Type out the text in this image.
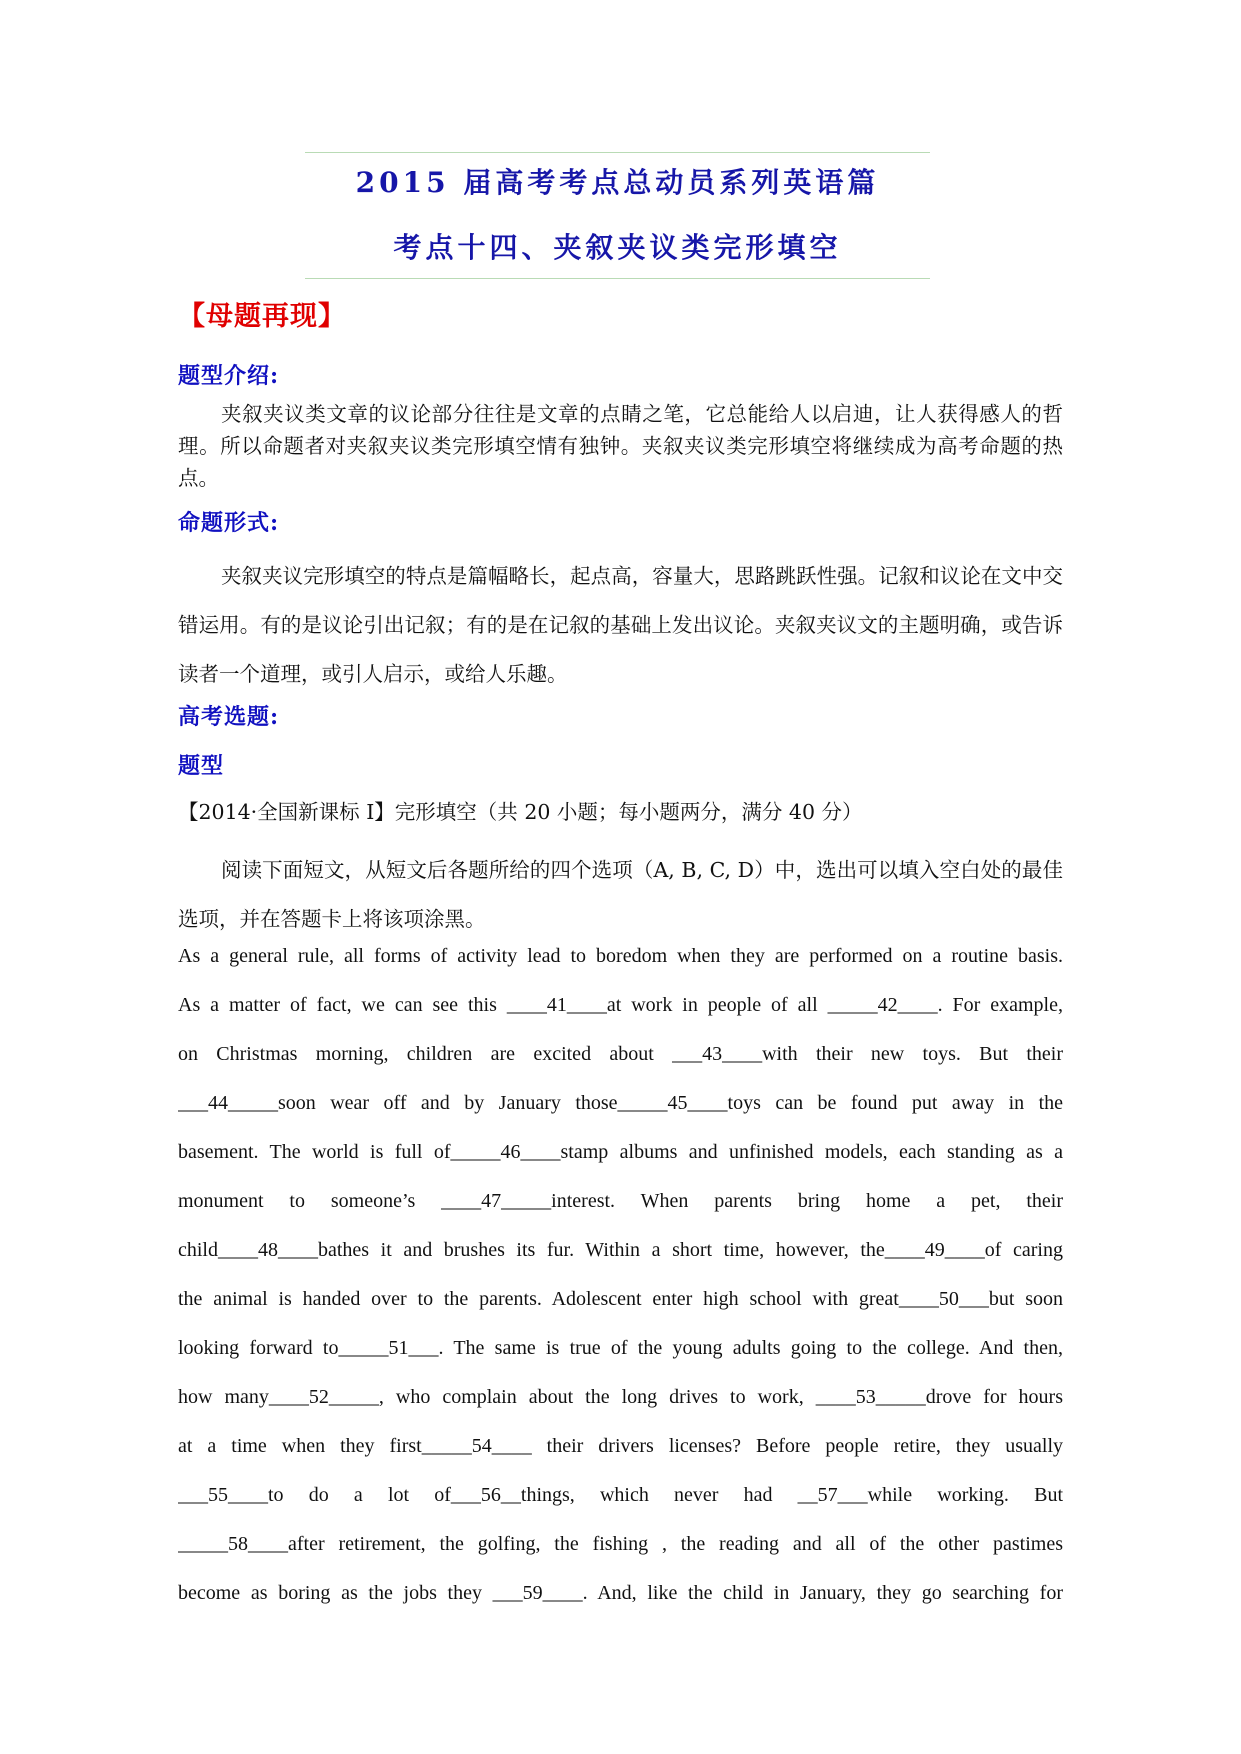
2015 届高考考点总动员系列英语篇
考点十四、夹叙夹议类完形填空
【母题再现】
题型介绍:

夹叙夹议类文章的议论部分往往是文章的点睛之笔，它总能给人以启迪，让人获得感人的哲理。所以命题者对夹叙夹议类完形填空情有独钟。夹叙夹议类完形填空将继续成为高考命题的热点。

命题形式:

夹叙夹议完形填空的特点是篇幅略长，起点高，容量大，思路跳跃性强。记叙和议论在文中交错运用。有的是议论引出记叙；有的是在记叙的基础上发出议论。夹叙夹议文的主题明确，或告诉读者一个道理，或引人启示，或给人乐趣。

高考选题:
题型

【2014·全国新课标 I】完形填空（共 20 小题；每小题两分，满分 40 分）

阅读下面短文，从短文后各题所给的四个选项（A, B, C, D）中，选出可以填入空白处的最佳选项，并在答题卡上将该项涂黑。

As a general rule, all forms of activity lead to boredom when they are performed on a routine basis.
As a matter of fact, we can see this ____41____at work in people of all _____42____. For example,
on Christmas morning, children are excited about ___43____with their new toys. But their
___44_____soon wear off and by January those_____45____toys can be found put away in the
basement. The world is full of_____46____stamp albums and unfinished models, each standing as a
monument to someone’s ____47_____interest. When parents bring home a pet, their
child____48____bathes it and brushes its fur. Within a short time, however, the____49____of caring
the animal is handed over to the parents. Adolescent enter high school with great____50___but soon
looking forward to_____51___. The same is true of the young adults going to the college. And then,
how many____52_____, who complain about the long drives to work, ____53_____drove for hours
at a time when they first_____54____ their drivers licenses? Before people retire, they usually
___55____to do a lot of___56__things, which never had __57___while working. But
_____58____after retirement, the golfing, the fishing , the reading and all of the other pastimes
become as boring as the jobs they ___59____. And, like the child in January, they go searching for
